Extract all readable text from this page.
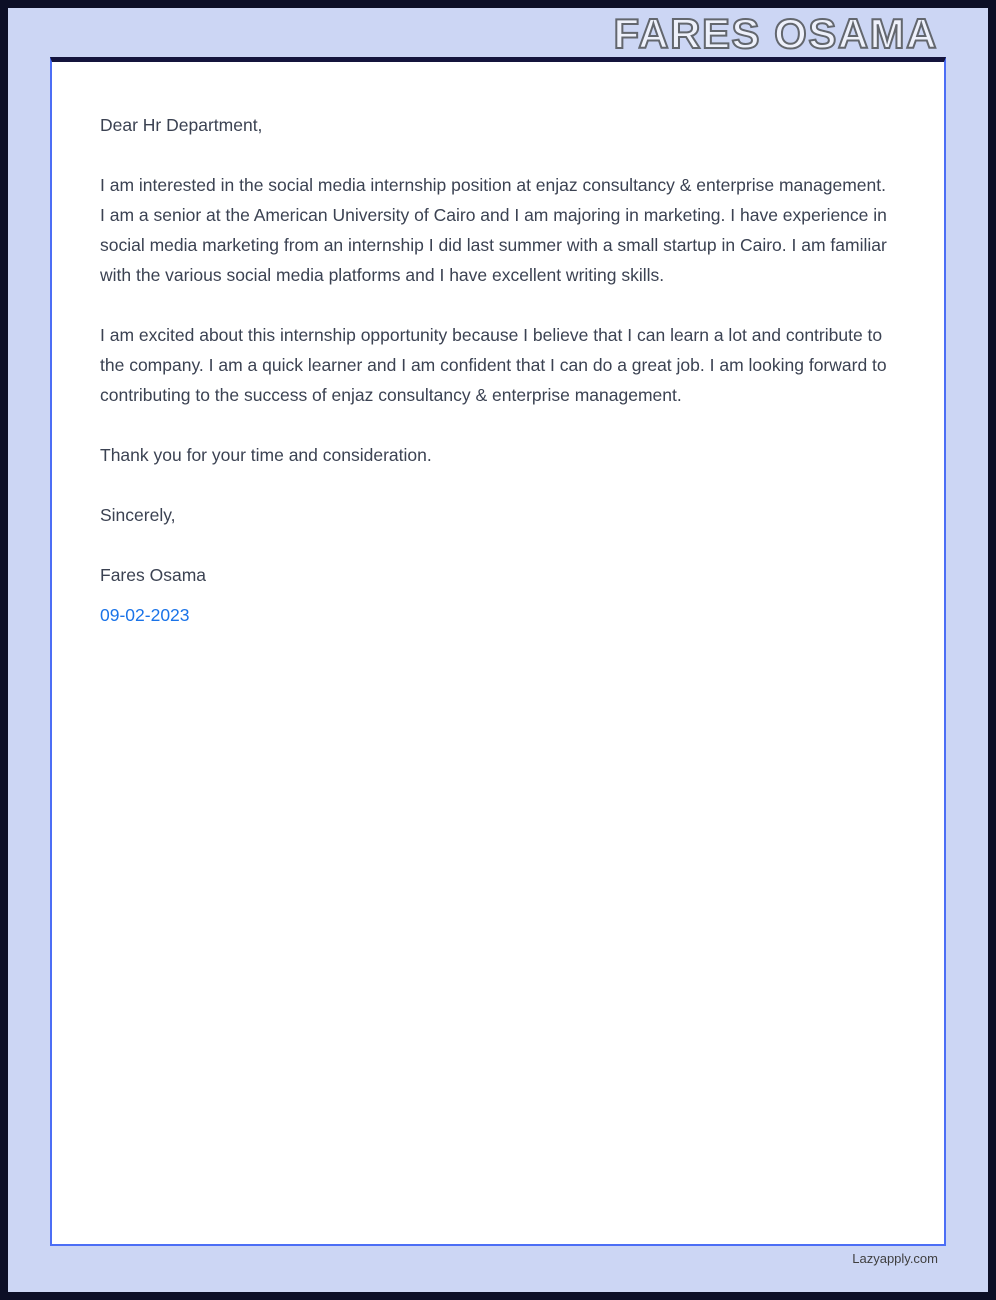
FARES OSAMA

Dear Hr Department,

I am interested in the social media internship position at enjaz consultancy & enterprise management. I am a senior at the American University of Cairo and I am majoring in marketing. I have experience in social media marketing from an internship I did last summer with a small startup in Cairo. I am familiar with the various social media platforms and I have excellent writing skills.

I am excited about this internship opportunity because I believe that I can learn a lot and contribute to the company. I am a quick learner and I am confident that I can do a great job. I am looking forward to contributing to the success of enjaz consultancy & enterprise management.

Thank you for your time and consideration.

Sincerely,

Fares Osama

09-02-2023

Lazyapply.com
